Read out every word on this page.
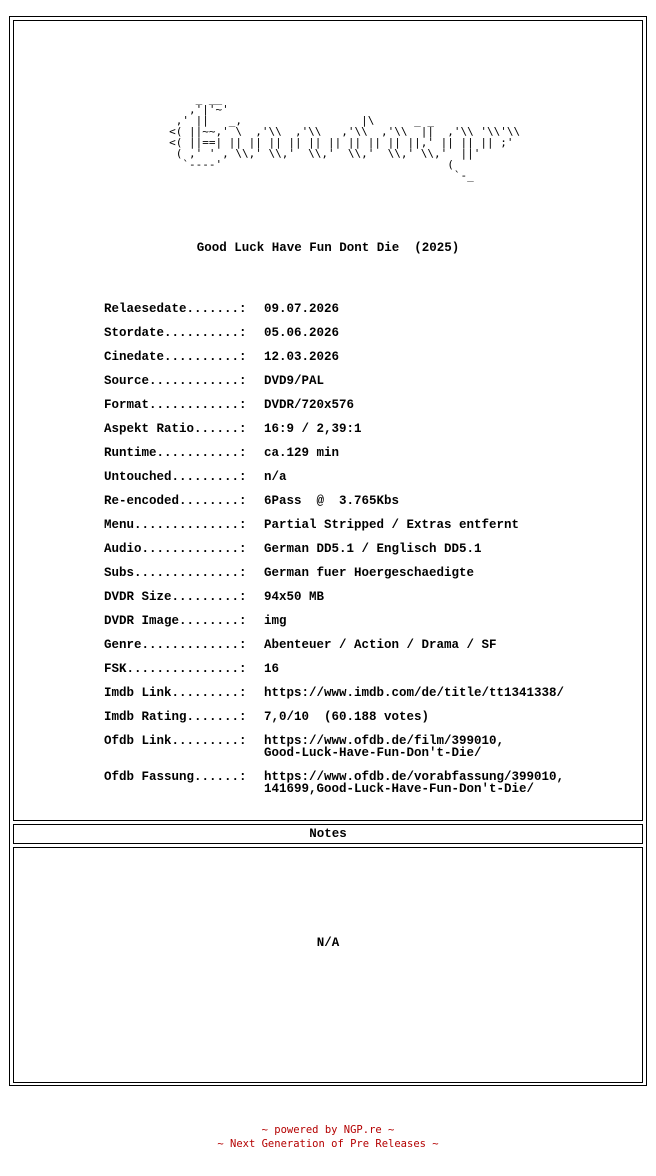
_ __
,'|'~'
,' ||   _,                  |\      _ _
<( ||~~,' \  ,'\\  ,'\\   ,'\\  ,'\\  ||  ,'\\ '\\'\\
<( ||==| || || || || || || || || || ||,' || || || ;'
( ,' ' , \\,' \\,'  \\,'  \\,'  \\,' \\,'  ||'
`----'                                  (
`-_
Good Luck Have Fun Dont Die  (2025)
Relaesedate.......: 09.07.2026
Stordate..........: 05.06.2026
Cinedate..........: 12.03.2026
Source............: DVD9/PAL
Format............: DVDR/720x576
Aspekt Ratio......: 16:9 / 2,39:1
Runtime...........: ca.129 min
Untouched.........: n/a
Re-encoded........: 6Pass  @  3.765Kbs
Menu..............: Partial Stripped / Extras entfernt
Audio.............: German DD5.1 / Englisch DD5.1
Subs..............: German fuer Hoergeschaedigte
DVDR Size.........: 94x50 MB
DVDR Image........: img
Genre.............: Abenteuer / Action / Drama / SF
FSK...............: 16
Imdb Link.........: https://www.imdb.com/de/title/tt1341338/
Imdb Rating.......: 7,0/10  (60.188 votes)
Ofdb Link.........: https://www.ofdb.de/film/399010,
Good-Luck-Have-Fun-Don't-Die/
Ofdb Fassung......: https://www.ofdb.de/vorabfassung/399010,
141699,Good-Luck-Have-Fun-Don't-Die/
Notes
N/A
~ powered by NGP.re ~
~ Next Generation of Pre Releases ~
